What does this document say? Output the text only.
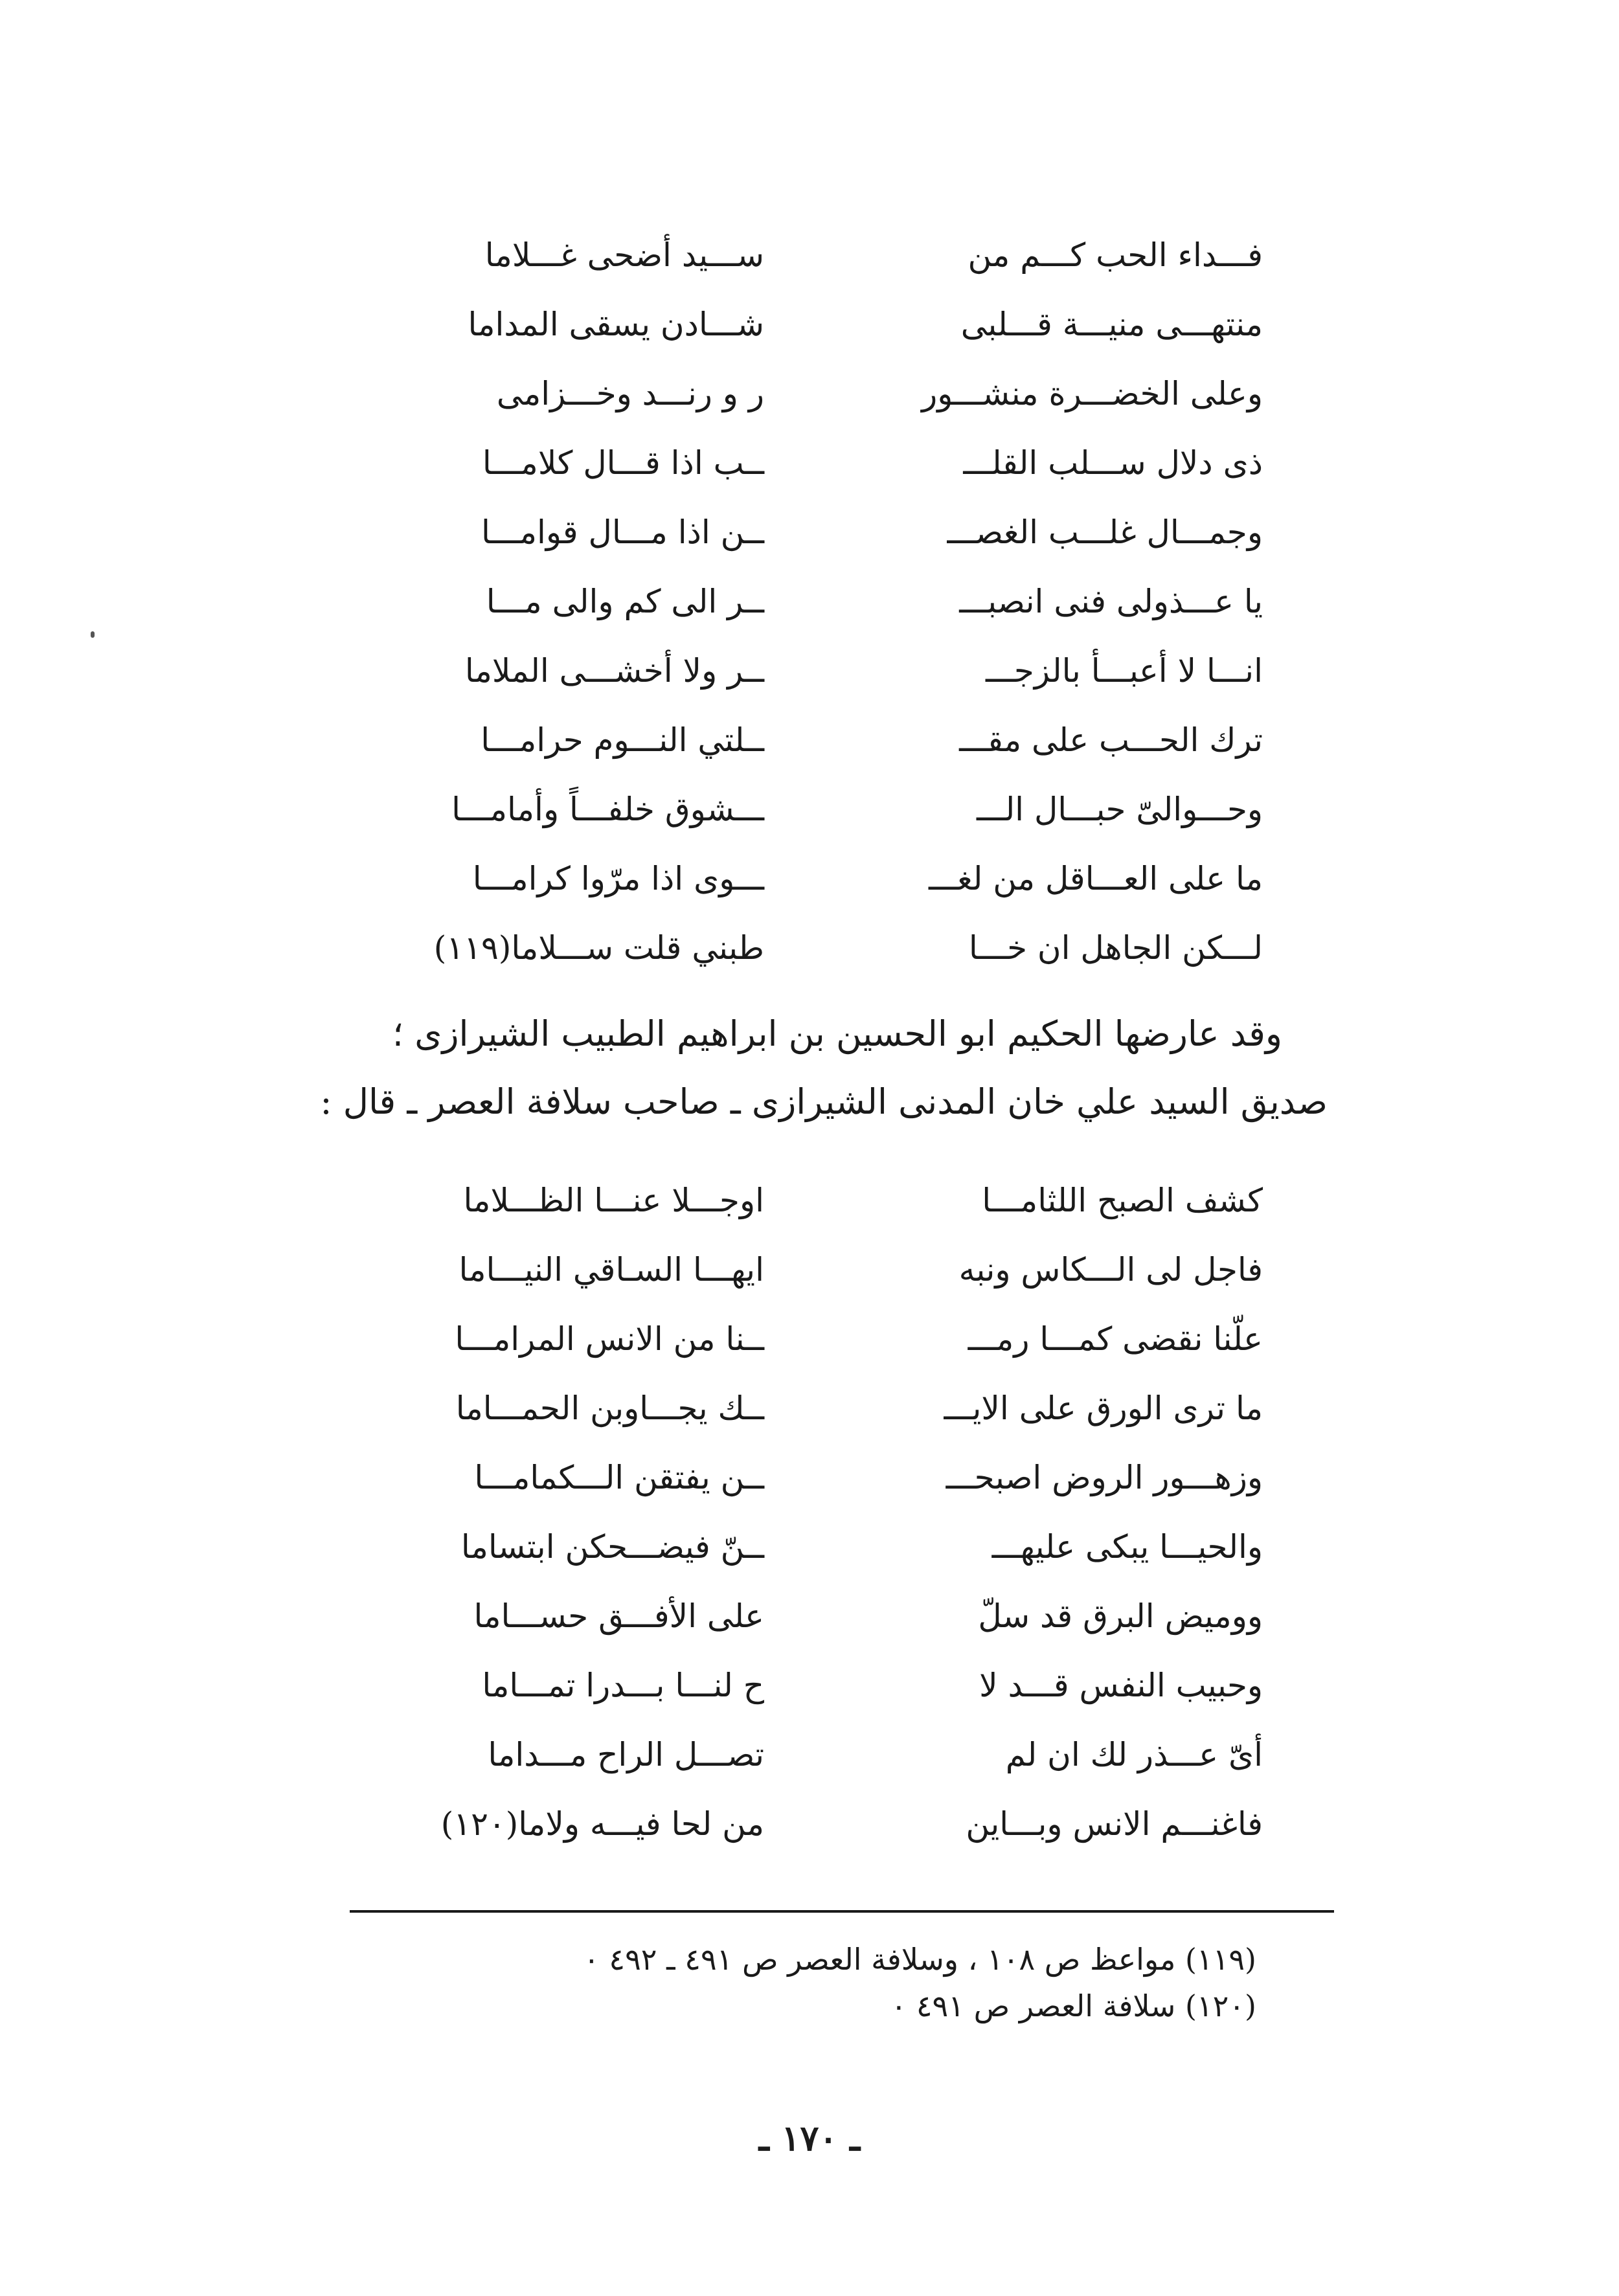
فـــداء الحب كـــم من
ســـيد أضحى غـــلاما
منتهـــى منيـــة قـــلبى
شـــادن يسقى المداما
وعلى الخضـــرة منشـــور
ر و رنـــد وخـــزامى
ذى دلال ســـلب القلـــ
ــب اذا قـــال كلامـــا
وجمـــال غلـــب الغصـــ
ــن اذا مـــال قوامـــا
يا عـــذولى فنى انصبـــ
ــر الى كم والى مـــا
انـــا لا أعبـــأ بالزجـــ
ــر ولا أخشـــى الملاما
ترك الحـــب على مقـــ
ــلتي النـــوم حرامـــا
وحـــوالىّ حبـــال الـــ
ـــشوق خلفـــاً وأمامـــا
ما على العـــاقل من لغـــ
ـــوى اذا مرّوا كرامـــا
لـــكن الجاهل ان خـــا
طبني قلت ســـلاما(١١٩)
وقد عارضها الحكيم ابو الحسين بن ابراهيم الطبيب الشيرازى ؛
صديق السيد علي خان المدنى الشيرازى ـ صاحب سلافة العصر ـ قال :
كشف الصبح اللثامـــا
اوجـــلا عنـــا الظـــلاما
فاجل لى الـــكاس ونبه
ايهـــا السـاقي النيـــاما
علّنا نقضى كمـــا رمـــ
ــنا من الانس المرامـــا
ما ترى الورق على الايـــ
ــك يجـــاوبن الحمـــاما
وزهـــور الروض اصبحـــ
ــن يفتقن الـــكمامـــا
والحيـــا يبكى عليهـــ
ــنّ فيضـــحكن ابتساما
ووميض البرق قد سلّ
على الأفـــق حســـاما
وحبيب النفس قـــد لا
ح لنـــا بـــدرا تمـــاما
أىّ عـــذر لك ان لم
تصـــل الراح مـــداما
فاغنـــم الانس وبـــاين
من لحا فيـــه ولاما(١٢٠)
(١١٩) مواعظ ص ١٠٨ ، وسلافة العصر ص ٤٩١ ـ ٤٩٢ ٠
(١٢٠) سلافة العصر ص ٤٩١ ٠
ـ ١٧٠ ـ
